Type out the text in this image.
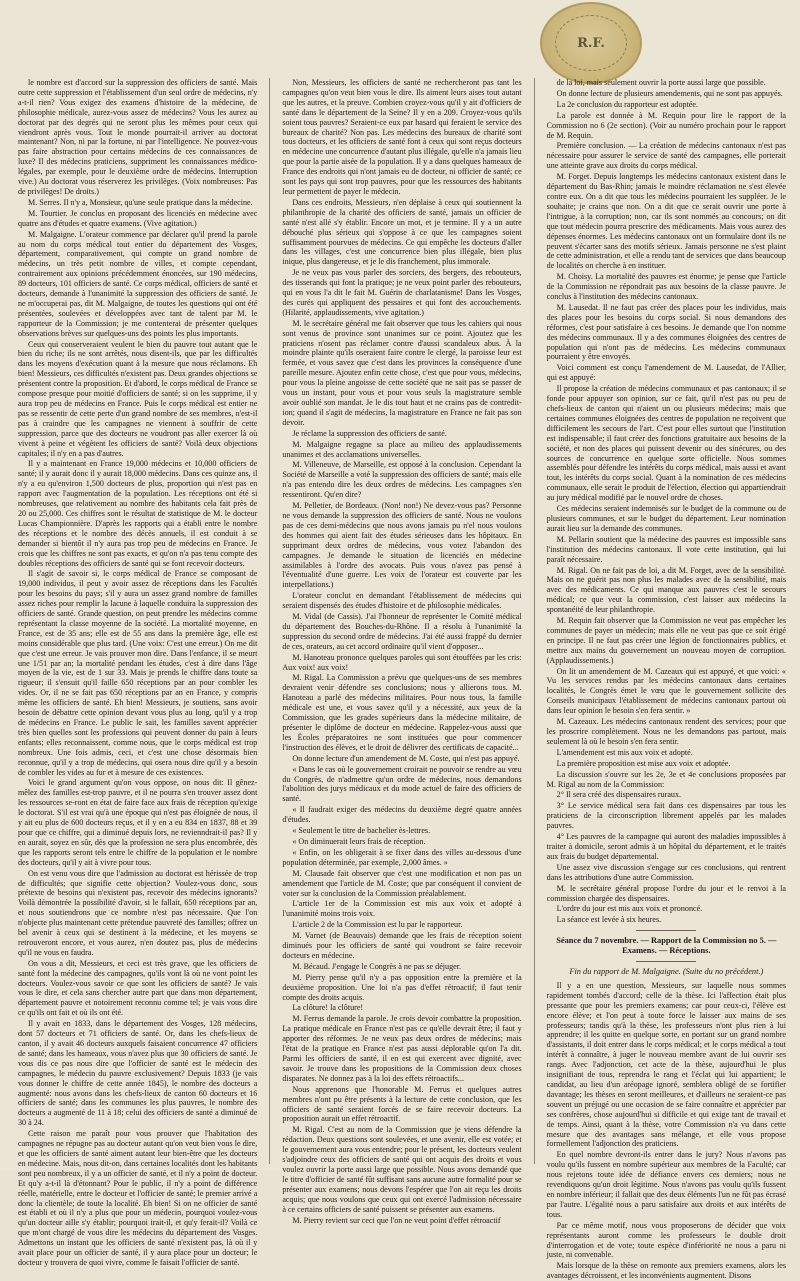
R.F.

le nombre est d'accord sur la suppression des officiers de santé. Mais outre cette suppression et l'établissement d'un seul ordre de médecins, n'y a-t-il rien? Vous exigez des examens d'histoire de la médecine, de philosophie médicale, aurez-vous assez de médecins? Vous les aurez au doctorat par des degrés qui ne seront plus les mêmes pour ceux qui viendront après vous. Tout le monde pourrait-il arriver au doctorat maintenant? Non, ni par la fortune, ni par l'intelligence. Ne pouvez-vous pas faire abstraction pour certains médecins de ces connaissances de luxe? Il des médecins praticiens, suppriment les connaissances médico-légales, par exemple, pour le deuxième ordre de médecins. Interruption vive.) Au doctorat vous réserverez les privilèges. (Voix nombreuses: Pas de privilèges! De droits.)

M. Serres. Il n'y a, Monsieur, qu'une seule pratique dans la médecine.

M. Tourtier. Je conclus en proposant des licenciés en médecine avec quatre ans d'études et quatre examens. (Vive agitation.)

M. Malgaigne. L'orateur commence par déclarer qu'il prend la parole au nom du corps médical tout entier du département des Vosges, département, comparativement, qui compte un grand nombre de médecins, un très petit nombre de villes, et compte cependant, contrairement aux opinions précédemment énoncées, sur 190 médecins, 89 docteurs, 101 officiers de santé. Ce corps médical, officiers de santé et docteurs, demande à l'unanimité la suppression des officiers de santé. Je ne m'occuperai pas, dit M. Malgaigne, de toutes les questions qui ont été présentées, soulevées et développées avec tant de talent par M. le rapporteur de la Commission; je me contenterai de présenter quelques observations brèves sur quelques-uns des points les plus importants.

Ceux qui conserveraient veulent le bien du pauvre tout autant que le bien du riche; ils ne sont arrêtés, nous disent-ils, que par les difficultés dans les moyens d'exécution quant à la mesure que nous réclamons. Eh bien! Messieurs, ces difficultés n'existent pas. Deux grandes objections se présentent contre la proposition. Et d'abord, le corps médical de France se compose presque pour moitié d'officiers de santé; si on les supprime, il y aura trop peu de médecins en France. Puis le corps médical est entier ne pas se ressentir de cette perte d'un grand nombre de ses membres, n'est-il pas à craindre que les campagnes ne viennent à souffrir de cette suppression, parce que des docteurs ne voudront pas aller exercer là où vivent à peine et végètent les officiers de santé? Voilà deux objections capitales; il n'y en a pas d'autres.

Il y a maintenant en France 19,000 médecins et 10,000 officiers de santé; il y aurait donc il y aurait 18,000 médecins. Dans ces quinze ans, il n'y a eu qu'environ 1,500 docteurs de plus, proportion qui n'est pas en rapport avec l'augmentation de la population. Les réceptions ont été si nombreuses, que relativement au nombre des habitants cela fait près de 20 ou 25,000. Ces chiffres sont le résultat de statistique de M. le docteur Lucas Championnière. D'après les rapports qui a établi entre le nombre des réceptions et le nombre des décès annuels, il est conduit à se demander si bientôt il n'y aura pas trop peu de médecins en France. Je crois que les chiffres ne sont pas exacts, et qu'on n'a pas tenu compte des doubles réceptions des officiers de santé qui se font recevoir docteurs.

Il s'agit de savoir si, le corps médical de France se composant de 19,000 individus, il peut y avoir assez de réceptions dans les Facultés pour les besoins du pays; s'il y aura un assez grand nombre de familles assez riches pour remplir la lacune à laquelle conduira la suppression des officiers de santé. Grande question, on peut prendre les médecins comme représentant la classe moyenne de la société. La mortalité moyenne, en France, est de 35 ans; elle est de 55 ans dans la première âge, elle est moins considérable que plus tard. (Une voix: C'est une erreur.) On me dit que c'est une erreur. Je vais prouver mon dire. Dans l'enfance, il se meurt une 1/51 par an; la mortalité pendant les études, c'est à dire dans l'âge moyen de la vie, est de 1 sur 33. Mais je prends le chiffre dans toute sa rigueur; il s'ensuit qu'il faille 650 réceptions par an pour combler les vides. Or, il ne se fait pas 650 réceptions par an en France, y compris même les officiers de santé. Eh bien! Messieurs, je soutiens, sans avoir besoin de débattre cette opinion devant vous plus au long, qu'il y a trop de médecins en France. Le public le sait, les familles savent apprécier très bien quelles sont les professions qui peuvent donner du pain à leurs enfants; elles reconnaissent, comme nous, que le corps médical est trop nombreux. Une fois admis, ceci, et c'est une chose désormais bien reconnue, qu'il y a trop de médecins, qui osera nous dire qu'il y a besoin de combler les vides au fur et à mesure de ces existences.

Voici le grand argument qu'on vous oppose, on nous dit: Il gênez-mêlez des familles est-trop pauvre, et il ne pourra s'en trouver assez dont les ressources se-ront en état de faire face aux frais de réception qu'exige le doctorat. S'il est vrai qu'à une époque qui n'est pas éloignée de nous, il y ait eu plus de 600 docteurs reçus, et il y en a eu 834 en 1837, 88 et 39 pour que ce chiffre, qui a diminué depuis lors, ne revienndrait-il pas? Il y en aurait, soyez en sûr, dès que la profession ne sera plus encombrée, dès que les rapports seront tels entre le chiffre de la population et le nombre des docteurs, qu'il y ait à vivre pour tous.

On est venu vous dire que l'admission au doctorat est hérissée de trop de difficultés; que signifie cette objection? Voulez-vous donc, sous prétexte de besoins qui n'existent pas, recevoir des médecins ignorants? Voilà démontrée la possibilité d'avoir, si le fallait, 650 réceptions par an, et nous soutiendrons que ce nombre n'est pas nécessaire. Que l'on n'objecte plus maintenant cette prétendue pauvreté des familles; offrez un bel avenir à ceux qui se destinent à la médecine, et les moyens se retrouveront encore, et vous aurez, n'en doutez pas, plus de médecins qu'il ne vous en faudra.

On vous a dit, Messieurs, et ceci est très grave, que les officiers de santé font la médecine des campagnes, qu'ils vont là où ne vont point les docteurs. Voulez-vous savoir ce que sont les officiers de santé? Je vais vous le dire, et cela sans chercher autre part que dans mon département, département pauvre et notoirement reconnu comme tel; je vais vous dire ce qu'ils ont fait et où ils ont été.

Il y avait en 1833, dans le département des Vosges, 128 médecins, dont 57 docteurs et 71 officiers de santé. Or, dans les chefs-lieux de canton, il y avait 46 docteurs auxquels faisaient concurrence 47 officiers de santé; dans les hameaux, vous n'avez plus que 30 officiers de santé. Je vous dis ce pas nous dire que l'officier de santé est le médecin des campagnes, le médecin du pauvre exclusivement? Depuis 1833 (je vais vous donner le chiffre de cette année 1845), le nombre des docteurs a augmenté: nous avons dans les chefs-lieux de canton 60 docteurs et 16 officiers de santé; dans les communes les plus pauvres, le nombre des docteurs a augmenté de 11 à 18; celui des officiers de santé a diminué de 30 à 24.

Cette raison me paraît pour vous prouver que l'habitation des campagnes ne répugne pas au docteur autant qu'on veut bien vous le dire, et que les officiers de santé aiment autant leur bien-être que les docteurs en médecine. Mais, nous dit-on, dans certaines localités dont les habitants sont peu nombreux, il y a un officier de santé, et il n'y a point de docteur. Et qu'y a-t-il là d'étonnant? Pour le public, il n'y a point de différence réelle, matérielle, entre le docteur et l'officier de santé; le premier arrivé a donc la clientèle; de toute la localité. Eh bien! Si on ne officier de santé est établi et où il n'y a plus que pour un médecin, pourquoi voulez-vous qu'un docteur aille s'y établir; pourquoi irait-il, et qu'y ferait-il? Voilà ce que m'ont chargé de vous dire les médecins du département des Vosges. Admettons un instant que les officiers de santé n'existent pas, là où il y avait place pour un officier de santé, il y aura place pour un docteur; le docteur y trouvera de quoi vivre, comme le faisait l'officier de santé.

Non, Messieurs, les officiers de santé ne rechercheront pas tant les campagnes qu'on veut bien vous le dire. Ils aiment leurs aises tout autant que les autres, et la preuve. Combien croyez-vous qu'il y ait d'officiers de santé dans le département de la Seine? Il y en a 209. Croyez-vous qu'ils soient tous pauvres? Seraient-ce eux par hasard qui feraient le service des bureaux de charité? Non pas. Les médecins des bureaux de charité sont tous docteurs, et les officiers de santé font à ceux qui sont reçus docteurs en médecine une concurrence d'autant plus illégale, qu'elle n'a jamais lieu que pour la partie aisée de la population. Il y a dans quelques hameaux de France des endroits qui n'ont jamais eu de docteur, ni officier de santé; ce sont les pays qui sont trop pauvres, pour que les ressources des habitants leur permettent de payer le médecin.

Dans ces endroits, Messieurs, n'en déplaise à ceux qui soutiennent la philanthropie de la charité des officiers de santé, jamais un officier de santé n'est allé s'y établir. Encore un mot, et je termine. Il y a un autre débouché plus sérieux qui s'oppose à ce que les campagnes soient suffisamment pourvues de médecins. Ce qui empêche les docteurs d'aller dans les villages, c'est une concurrence bien plus illégale, bien plus inique, plus dangereuse, et je le dis franchement, plus immorale.

Je ne veux pas vous parler des sorciers, des bergers, des rebouteurs, des tisserands qui font la pratique; je ne veux point parler des rebouteurs, qui en vous l'a dit le fait M. Guérin de charlatanisme! Dans les Vosges, des curés qui appliquent des pessaires et qui font des accouchements. (Hilarité, applaudissements, vive agitation.)

M. le secrétaire général me fait observer que tous les cahiers qui nous sont venus de province sont unanimes sur ce point. Ajoutez que les praticiens n'osent pas réclamer contre d'aussi scandaleux abus. À la moindre plainte qu'ils oseraient faire contre le clergé, la paroisse leur est fermée, et vous savez que c'est dans les provinces la conséquence d'une pareille mesure. Ajoutez enfin cette chose, c'est que pour vous, médecins, pour vous la pleine angoisse de cette société que ne sait pas se passer de vous un instant, pour vous et pour vous seuls la magistrature semble avoir oublié son mandat. Je le dis tout haut et ne crains pas de contredit-ion; quand il s'agit de médecins, la magistrature en France ne fait pas son devoir.

Je réclame la suppression des officiers de santé.

M. Malgaigne regagne sa place au milieu des applaudissements unanimes et des acclamations universelles.

M. Villeneuve, de Marseille, est opposé à la conclusion. Cependant la Société de Marseille a voté la suppression des officiers de santé; mais elle n'a pas entendu dire les deux ordres de médecins. Les campagnes s'en ressentiront. Qu'en dire?

M. Pelletier, de Bordeaux. (Non! non!) Ne devez-vous pas? Personne ne vous demande la suppression des officiers de santé. Nous ne voulons pas de ces demi-médecins que nous avons jamais pu n'el nous voulons des hommes qui aient fait des études sérieuses dans les hôpitaux. En supprimant deux ordres de médecins, vous votez l'abandon des campagnes. Je demande le situation de licenciés en médecine assimilables à l'ordre des avocats. Puis vous n'avez pas pensé à l'éventualité d'une guerre. Les voix de l'orateur est couverte par les interpellations.)

L'orateur conclut en demandant l'établissement de médecins qui seraient dispensés des études d'histoire et de philosophie médicales.

M. Vidal (de Cassis). J'ai l'honneur de représenter le Comité médical du département des Bouches-du-Rhône. Il a résolu à l'unanimité la suppression du second ordre de médecins. J'ai été aussi frappé du dernier de ces, orateurs, au cet accord ordinaire qu'il vient d'opposer...

M. Hanoteau prononce quelques paroles qui sont étouffées par les cris: Aux voix! aux voix!

M. Rigal. La Commission a prévu que quelques-uns de ses membres devraient venir défendre ses conclusions; nous y allierons tous. M. Hanoteau a parlé des médecins militaires. Pour nous tous, la famille médicale est une, et vous savez qu'il y a nécessité, aux yeux de la Commission, que les grades supérieurs dans la médecine militaire, de présenter le diplôme de docteur en médecine. Rappelez-vous aussi que les Écoles préparatoires ne sont instituées que pour commencer l'instruction des élèves, et le droit de délivrer des certificats de capacité...

On donne lecture d'un amendement de M. Coste, qui n'est pas appuyé.

« Dans le cas où le gouvernement croirait ne pouvoir se rendre au vœu du Congrès, de n'admettre qu'un ordre de médecins, nous demandons l'abolition des jurys médicaux et du mode actuel de faire des officiers de santé.

« Il faudrait exiger des médecins du deuxième degré quatre années d'études.

« Seulement le titre de bachelier ès-lettres.

« On diminuerait leurs frais de réception.

« Enfin, on les obligerait à se fixer dans des villes au-dessous d'une population déterminée, par exemple, 2,000 âmes. »

M. Clausade fait observer que c'est une modification et non pas un amendement que l'article de M. Coste; que par conséquent il convient de voter sur la conclusion de la Commission préalablement.

L'article 1er de la Commission est mis aux voix et adopté à l'unanimité moins trois voix.

L'article 2 de la Commission est lu par le rapporteur.

M. Varnet (de Beauvais) demande que les frais de réception soient diminués pour les officiers de santé qui voudront se faire recevoir docteurs en médecine.

M. Bécaud. J'engage le Congrès à ne pas se déjuger.

M. Pierry pense qu'il n'y a pas opposition entre la première et la deuxième proposition. Une loi n'a pas d'effet rétroactif; il faut tenir compte des droits acquis.

La clôture! la clôture!

M. Ferrus demande la parole. Je crois devoir combattre la proposition. La pratique médicale en France n'est pas ce qu'elle devrait être; il faut y apporter des réformes. Je ne veux pas deux ordres de médecins; mais l'état de la pratique en France n'est pas aussi déplorable qu'on l'a dit. Parmi les officiers de santé, il en est qui exercent avec dignité, avec savoir. Je trouve dans les propositions de la Commission deux choses disparates. Ne donnez pas à la loi des effets rétroactifs...

Nous apprenons que l'honorable M. Ferrus et quelques autres membres n'ont pu être présents à la lecture de cette conclusion, que les officiers de santé seraient forcés de se faire recevoir docteurs. La proposition aurait un effet rétroactif.

M. Rigal. C'est au nom de la Commission que je viens défendre la rédaction. Deux questions sont soulevées, et une avenir, elle est votée; et le gouvernement aura vous entendre; pour le présent, les docteurs veulent s'adjoindre ceux des officiers de santé qui ont acquis des droits et vous voulez ouvrir la porte aussi large que possible. Nous avons demandé que le titre d'officier de santé fût suffisant sans aucune autre formalité pour se présenter aux examens; nous devons l'espérer que l'on ait reçu les droits acquis; que nous voulons que ceux qui ont exercé l'admission nécessaire à ce certains officiers de santé puissent se présenter aux examens.

M. Pierry revient sur ceci que l'on ne veut point d'effet rétroactif

de la loi, mais seulement ouvrir la porte aussi large que possible.

On donne lecture de plusieurs amendements, qui ne sont pas appuyés.

La 2e conclusion du rapporteur est adoptée.

La parole est donnée à M. Requin pour lire le rapport de la Commission no 6 (2e section). (Voir au numéro prochain pour le rapport de M. Requin.

Première conclusion. — La création de médecins cantonaux n'est pas nécessaire pour assurer le service de santé des campagnes, elle porterait une atteinte grave aux droits du corps médical.

M. Forget. Depuis longtemps les médecins cantonaux existent dans le département du Bas-Rhin; jamais le moindre réclamation ne s'est élevée contre eux. On a dit que tous les médecins pourraient les suppléer. Je le souhaite; je crains que non. On a dit que ce serait ouvrir une porte à l'intrigue, à la corruption; non, car ils sont nommés au concours; on dit que tout médecin pourra prescrire des médicaments. Mais vous aurez des dépenses énormes. Les médecins cantonaux ont un formulaire dont ils ne peuvent s'écarter sans des motifs sérieux. Jamais personne ne s'est plaint de cette administration, et elle a rendu tant de services que dans beaucoup de localités on cherche à en instituer.

M. Choisy. La mortalité des pauvres est énorme; je pense que l'article de la Commission ne répondrait pas aux besoins de la classe pauvre. Je conclus à l'institution des médecins cantonaux.

M. Lausedat. Il ne faut pas créer des places pour les individus, mais des places pour les besoins du corps social. Si nous demandons des réformes, c'est pour satisfaire à ces besoins. Je demande que l'on nomme des médecins communaux. Il y a des communes éloignées des centres de population qui n'ont pas de médecins. Les médecins communaux pourraient y être envoyés.

Voici comment est conçu l'amendement de M. Lausedat, de l'Allier, qui est appuyé:

Il propose la création de médecins communaux et pas cantonaux; il se fonde pour appuyer son opinion, sur ce fait, qu'il n'est pas ou peu de chefs-lieux de canton qui n'aient un ou plusieurs médecins; mais que certaines communes éloignées des centres de population ne reçoivent que difficilement les secours de l'art. C'est pour elles surtout que l'institution est indispensable; il faut créer des fonctions gratuitaire aux besoins de la société, et non des places qui puissent devenir ou des sinécures, ou des sources de concurrence en quelque sorte officielle. Nous sommes assemblés pour défendre les intérêts du corps médical, mais aussi et avant tout, les intérêts du corps social. Quant à la nomination de ces médecins communaux, elle serait le produit de l'élection, élection qui appartiendrait au jury médical modifié par le nouvel ordre de choses.

Ces médecins seraient indemnisés sur le budget de la commune ou de plusieurs communes, et sur le budget du département. Leur nomination aurait lieu sur la demande des communes.

M. Pellarin soutient que la médecine des pauvres est impossible sans l'institution des médecins cantonaux. Il vote cette institution, qui lui paraît nécessaire.

M. Rigal. On ne fait pas de loi, a dit M. Forget, avec de la sensibilité. Mais on ne guérit pas non plus les malades avec de la sensibilité, mais avec des médicaments. Ce qui manque aux pauvres c'est le secours médical; ce que veut la commission, c'est laisser aux médecins la spontanéité de leur philanthropie.

M. Requin fait observer que la Commission ne veut pas empêcher les communes de payer un médecin; mais elle ne veut pas que ce soit érigé en principe. Il ne faut pas créer une légion de fonctionnaires publics, et mettre aux mains du gouvernement un nouveau moyen de corruption. (Applaudissements.)

On lit un amendement de M. Cazeaux qui est appuyé, et que voici: « Vu les services rendus par les médecins cantonaux dans certaines localités, le Congrès émet le vœu que le gouvernement sollicite des Conseils municipaux l'établissement de médecins cantonaux partout où dans leur opinion le besoin s'en fera sentir. »

M. Cazeaux. Les médecins cantonaux rendent des services; pour que les proscrire complètement. Nous ne les demandons pas partout, mais seulement là où le besoin s'en fera sentir.

L'amendement est mis aux voix et adopté.

La première proposition est mise aux voix et adoptée.

La discussion s'ouvre sur les 2e, 3e et 4e conclusions proposées par M. Rigal au nom de la Commission:

2° Il sera créé des dispensaires ruraux.

3° Le service médical sera fait dans ces dispensaires par tous les praticiens de la circonscription librement appelés par les malades pauvres.

4° Les pauvres de la campagne qui auront des maladies impossibles à traiter à domicile, seront admis à un hôpital du département, et le traités aux frais du budget départemental.

Une assez vive discussion s'engage sur ces conclusions, qui rentrent dans les attributions d'une autre Commission.

M. le secrétaire général propose l'ordre du jour et le renvoi à la commission chargée des dispensaires.

L'ordre du jour est mis aux voix et prononcé.

La séance est levée à six heures.

Séance du 7 novembre. — Rapport de la Commission no 5. — Examens. — Réceptions.

Fin du rapport de M. Malgaigne. (Suite du no précédent.)

Il y a en une question, Messieurs, sur laquelle nous sommes rapidement tombés d'accord; celle de la thèse. Ici l'affection était plus pressante que pour les premiers examens; car pour ceux-ci, l'élève est encore élève; et l'on peut à toute force le laisser aux mains de ses professeurs; tandis qu'à la thèse, les professeurs n'ont plus rien à lui apprendre; il les quitte en quelque sorte, en portant sur un grand nombre d'assistants, il doit entrer dans le corps médical; et le corps médical a tout intérêt à connaître, à juger le nouveau membre avant de lui ouvrir ses rangs. Avec l'adjonction, cet acte de la thèse, aujourd'hui le plus insignifiant de tous, reprendra le rang et l'éclat qui lui appartient; le candidat, au lieu d'un aréopage ignoré, semblera obligé de se fortifier davantage; les thèses en seront meilleures, et d'ailleurs ne seraient-ce pas souvent un préjugé ou une occasion de se faire connaître et apprécier par ses confrères, chose aujourd'hui si difficile et qui exige tant de travail et de temps. Ainsi, quant à la thèse, votre Commission n'a vu dans cette mesure que des avantages sans mélange, et elle vous propose formellement l'adjonction des praticiens.

En quel nombre devront-ils entrer dans le jury? Nous n'avons pas voulu qu'ils fussent en nombre supérieur aux membres de la Faculté; car nous rejetons toute idée de défiance envers ces derniers; nous ne revendiquons qu'un droit légitime. Nous n'avons pas voulu qu'ils fussent en nombre inférieur; il fallait que des deux éléments l'un ne fût pas écrasé par l'autre. L'égalité nous a paru satisfaire aux droits et aux intérêts de tous.

Par ce même motif, nous vous proposerons de décider que voix représentants auront comme les professeurs le double droit d'interrogation et de vote; toute espèce d'infériorité ne nous a paru ni juste, ni convenable.

Mais lorsque de la thèse on remonte aux premiers examens, alors les avantages décroissent, et les inconvénients augmentent. Disons
